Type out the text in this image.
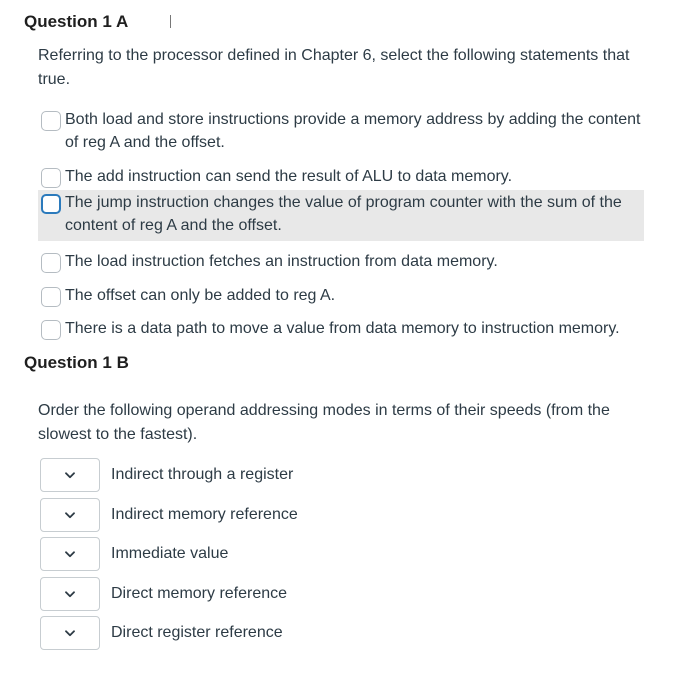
Question 1 A
Referring to the processor defined in Chapter 6, select the following statements that true.
Both load and store instructions provide a memory address by adding the content of reg A and the offset.
The add instruction can send the result of ALU to data memory.
The jump instruction changes the value of program counter with the sum of the content of reg A and the offset.
The load instruction fetches an instruction from data memory.
The offset can only be added to reg A.
There is a data path to move a value from data memory to instruction memory.
Question 1 B
Order the following operand addressing modes in terms of their speeds (from the slowest to the fastest).
Indirect through a register
Indirect memory reference
Immediate value
Direct memory reference
Direct register reference
